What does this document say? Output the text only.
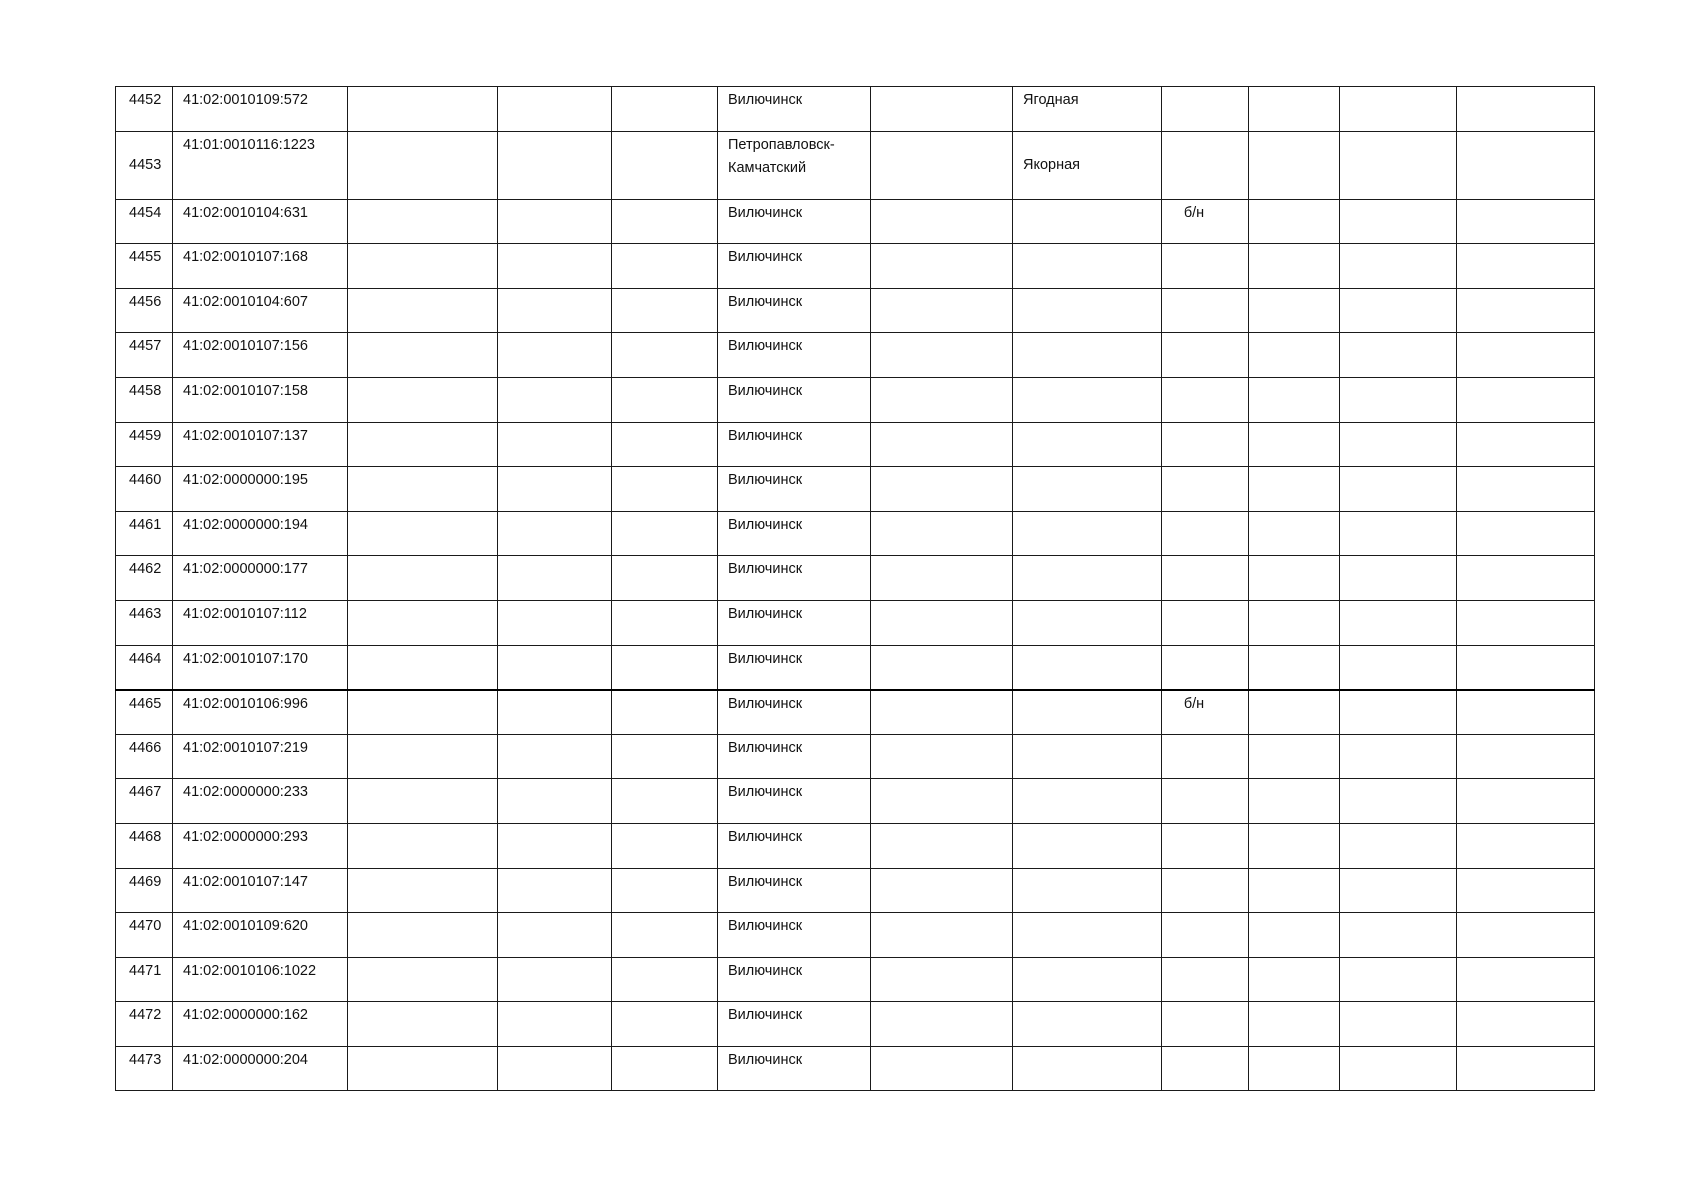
4452	41:02:0010109:572				Вилючинск		Ягодная				
4453	41:01:0010116:1223				Петропавловск-Камчатский		Якорная				
4454	41:02:0010104:631				Вилючинск			б/н			
4455	41:02:0010107:168				Вилючинск						
4456	41:02:0010104:607				Вилючинск						
4457	41:02:0010107:156				Вилючинск						
4458	41:02:0010107:158				Вилючинск						
4459	41:02:0010107:137				Вилючинск						
4460	41:02:0000000:195				Вилючинск						
4461	41:02:0000000:194				Вилючинск						
4462	41:02:0000000:177				Вилючинск						
4463	41:02:0010107:112				Вилючинск						
4464	41:02:0010107:170				Вилючинск						
4465	41:02:0010106:996				Вилючинск			б/н			
4466	41:02:0010107:219				Вилючинск						
4467	41:02:0000000:233				Вилючинск						
4468	41:02:0000000:293				Вилючинск						
4469	41:02:0010107:147				Вилючинск						
4470	41:02:0010109:620				Вилючинск						
4471	41:02:0010106:1022				Вилючинск						
4472	41:02:0000000:162				Вилючинск						
4473	41:02:0000000:204				Вилючинск						
